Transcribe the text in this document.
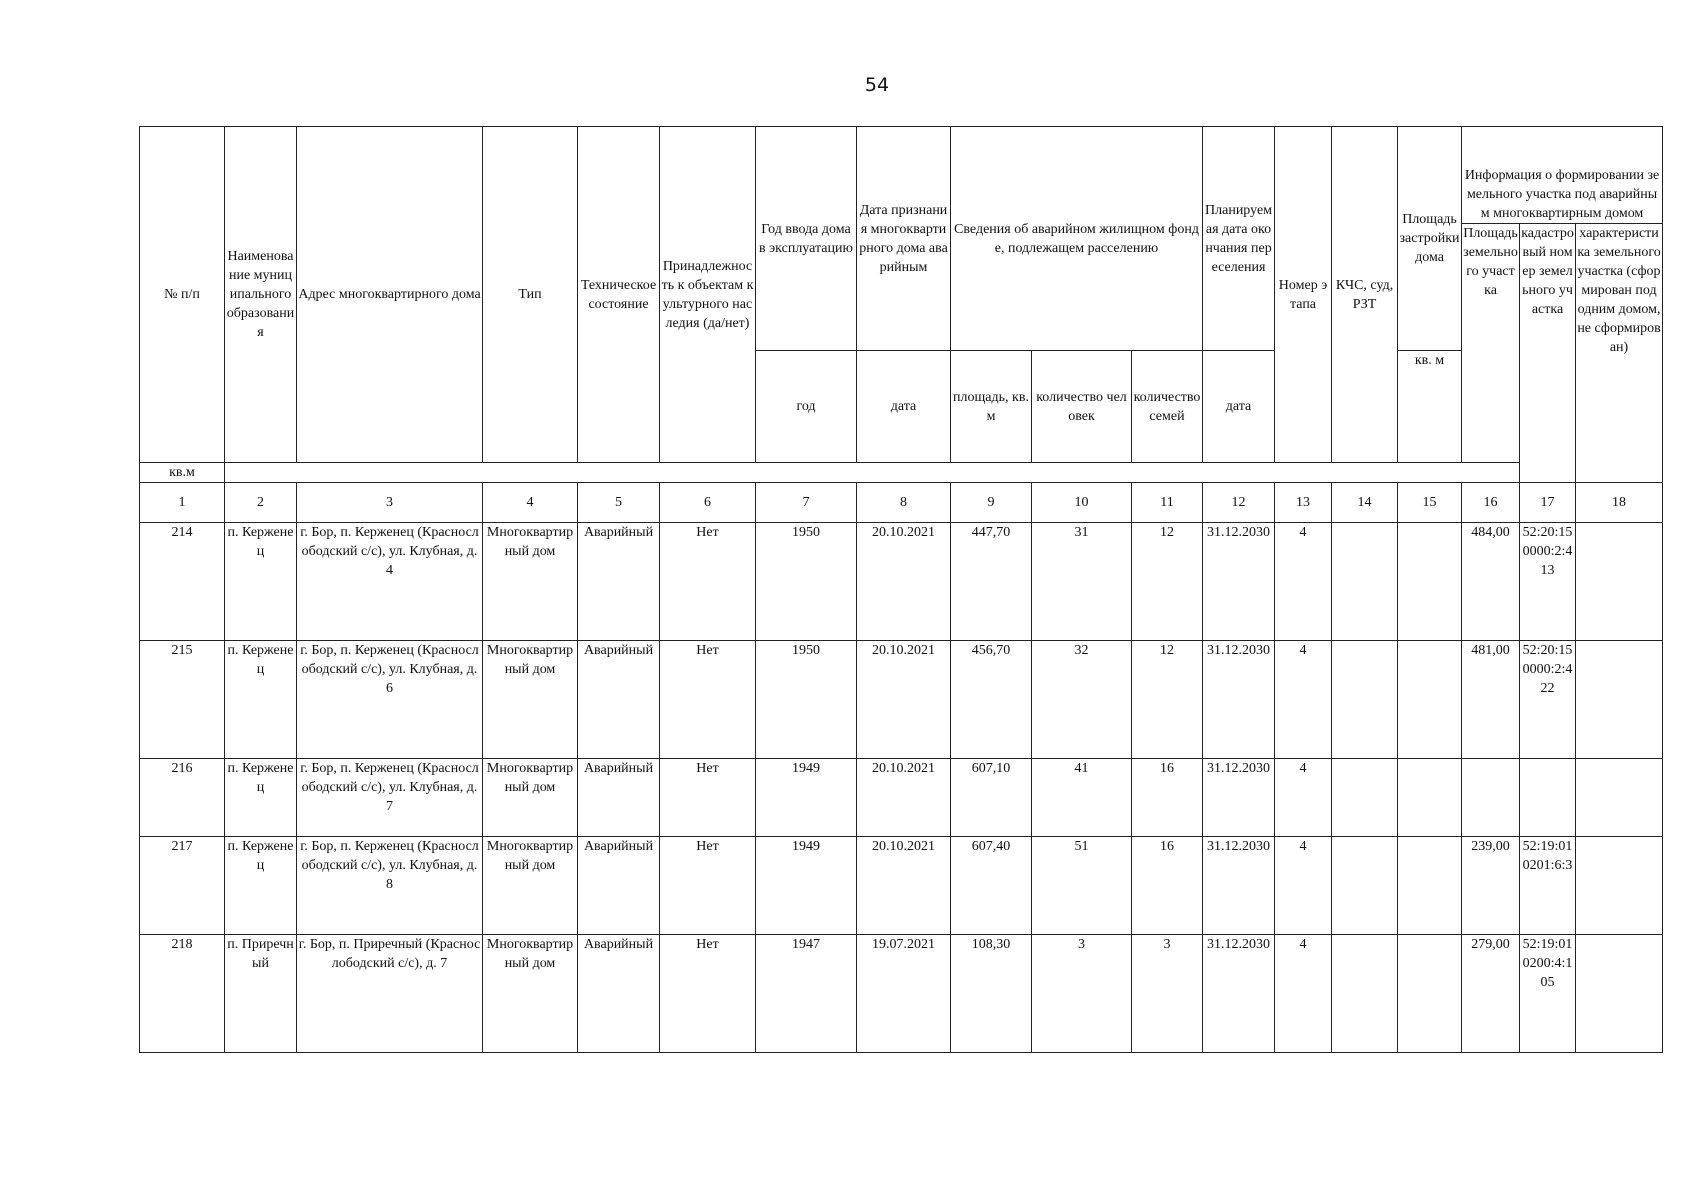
54
№ п/п	Наименование муниципального образования	Адрес многоквартирного дома	Тип	Техническое состояние	Принадлежность к объектам культурного наследия (да/нет)	Год ввода дома в эксплуатацию	Дата признания многоквартирного дома аварийным	Сведения об аварийном жилищном фонде, подлежащем расселению			Планируемая дата окончания переселения	Номер этапа	КЧС, суд, РЗТ	Площадь застройки дома	Информация о формировании земельного участка под аварийным многоквартирным домом		
															Площадь земельного участка	кадастровый номер земельного участка	характеристика земельного участка (сформирован под одним домом, не сформирован)
						год	дата	площадь, кв.м	количество человек	количество семей	дата			кв. м			
кв.м																	
1	2	3	4	5	6	7	8	9	10	11	12	13	14	15	16	17	18
214	п. Керженец	г. Бор, п. Керженец (Краснослободский с/с), ул. Клубная, д. 4	Многоквартирный дом	Аварийный	Нет	1950	20.10.2021	447,70	31	12	31.12.2030	4			484,00	52:20:150000:2:413	
215	п. Керженец	г. Бор, п. Керженец (Краснослободский с/с), ул. Клубная, д. 6	Многоквартирный дом	Аварийный	Нет	1950	20.10.2021	456,70	32	12	31.12.2030	4			481,00	52:20:150000:2:422	
216	п. Керженец	г. Бор, п. Керженец (Краснослободский с/с), ул. Клубная, д. 7	Многоквартирный дом	Аварийный	Нет	1949	20.10.2021	607,10	41	16	31.12.2030	4					
217	п. Керженец	г. Бор, п. Керженец (Краснослободский с/с), ул. Клубная, д. 8	Многоквартирный дом	Аварийный	Нет	1949	20.10.2021	607,40	51	16	31.12.2030	4			239,00	52:19:010201:6:3	
218	п. Приречный	г. Бор, п. Приречный (Краснослободский с/с), д. 7	Многоквартирный дом	Аварийный	Нет	1947	19.07.2021	108,30	3	3	31.12.2030	4			279,00	52:19:010200:4:105	
